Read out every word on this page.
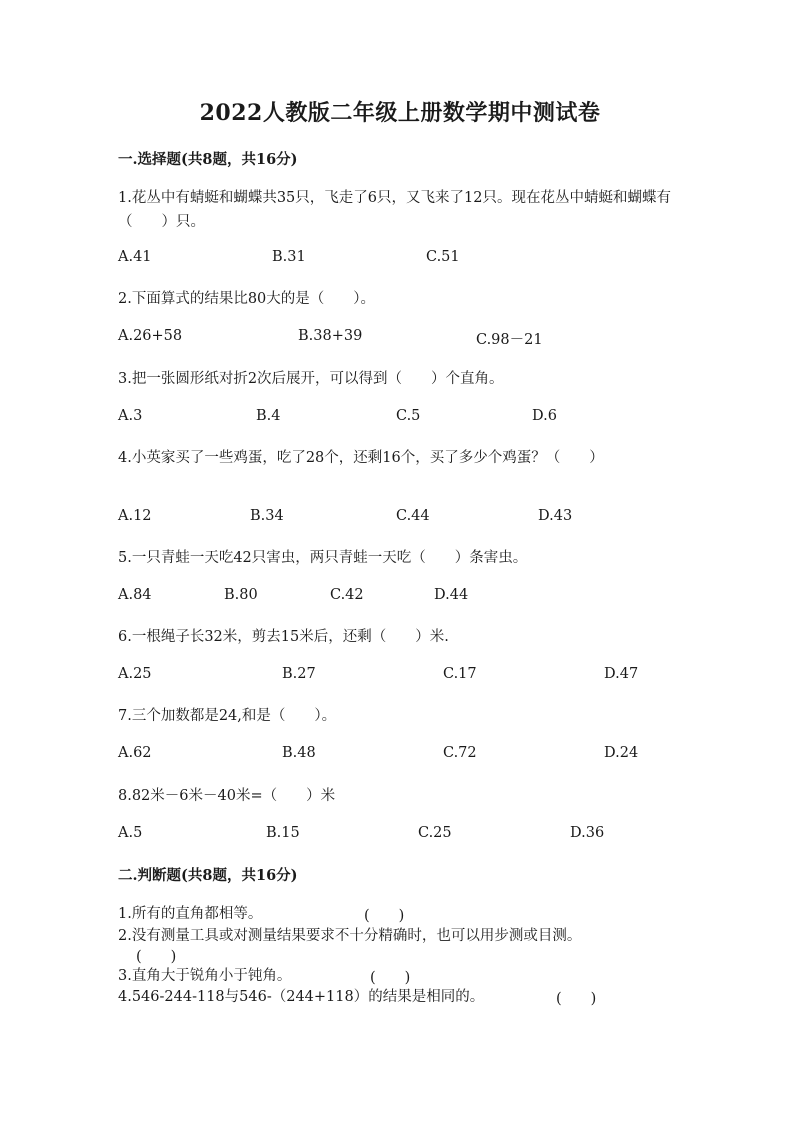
2022人教版二年级上册数学期中测试卷
一.选择题(共8题，共16分)
1.花丛中有蜻蜓和蝴蝶共35只，飞走了6只，又飞来了12只。现在花丛中蜻蜓和蝴蝶有（　　）只。
A.41	B.31	C.51
2.下面算式的结果比80大的是（　　）。
A.26+58	B.38+39	C.98－21
3.把一张圆形纸对折2次后展开，可以得到（　　）个直角。
A.3	B.4	C.5	D.6
4.小英家买了一些鸡蛋，吃了28个，还剩16个，买了多少个鸡蛋？（　　）
A.12	B.34	C.44	D.43
5.一只青蛙一天吃42只害虫，两只青蛙一天吃（　　）条害虫。
A.84	B.80	C.42	D.44
6.一根绳子长32米，剪去15米后，还剩（　　）米.
A.25	B.27	C.17	D.47
7.三个加数都是24,和是（　　）。
A.62	B.48	C.72	D.24
8.82米－6米－40米=（　　）米
A.5	B.15	C.25	D.36
二.判断题(共8题，共16分)
1.所有的直角都相等。	(　　)
2.没有测量工具或对测量结果要求不十分精确时，也可以用步测或目测。
(　　)
3.直角大于锐角小于钝角。	(　　)
4.546-244-118与546-（244+118）的结果是相同的。	(　　)
